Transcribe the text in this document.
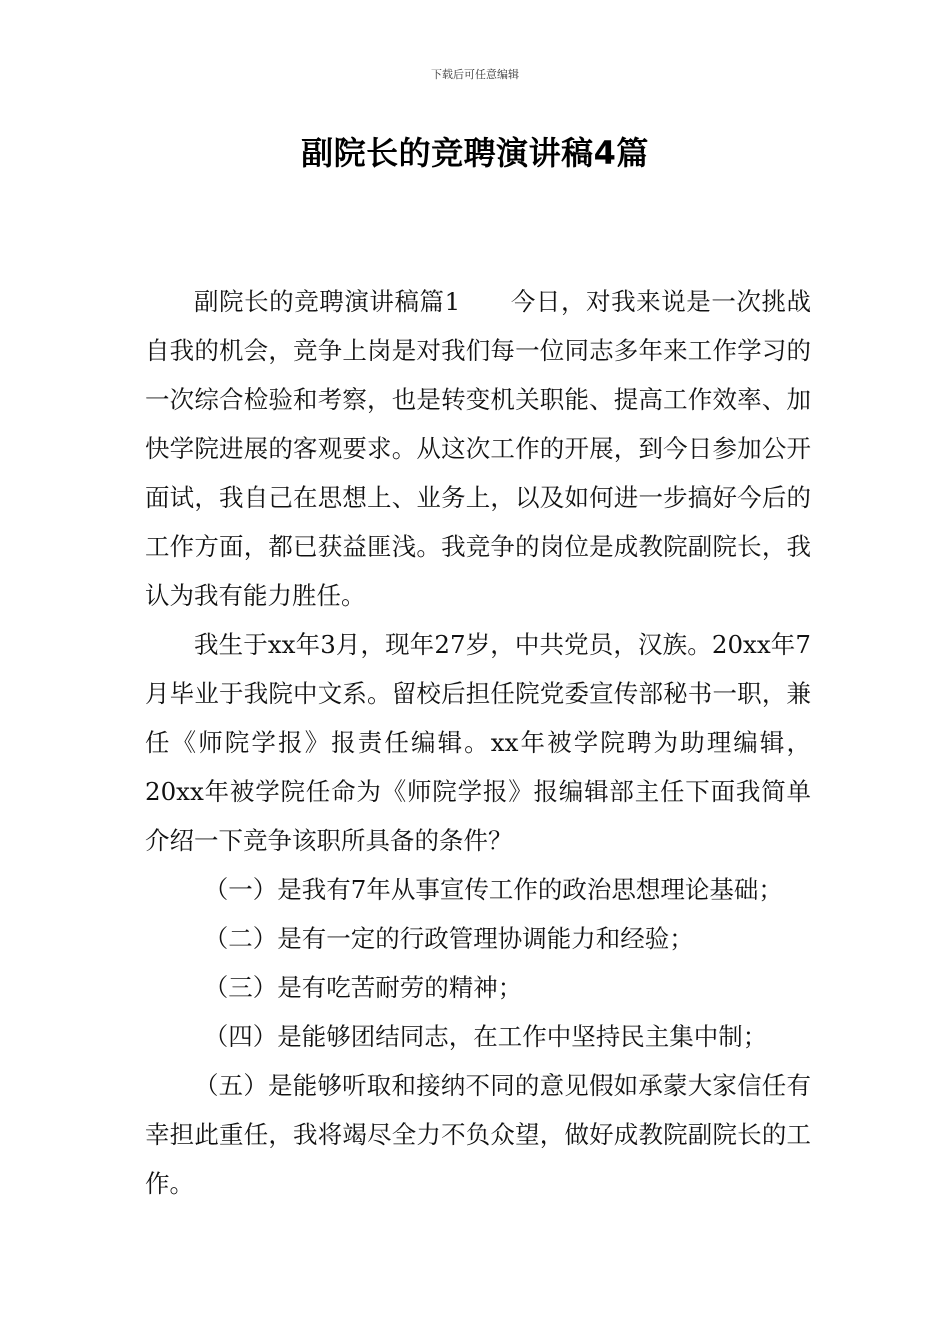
下载后可任意编辑
副院长的竞聘演讲稿4篇

副院长的竞聘演讲稿篇1　　今日，对我来说是一次挑战自我的机会，竞争上岗是对我们每一位同志多年来工作学习的一次综合检验和考察，也是转变机关职能、提高工作效率、加快学院进展的客观要求。从这次工作的开展，到今日参加公开面试，我自己在思想上、业务上，以及如何进一步搞好今后的工作方面，都已获益匪浅。我竞争的岗位是成教院副院长，我认为我有能力胜任。

我生于xx年3月，现年27岁，中共党员，汉族。20xx年7月毕业于我院中文系。留校后担任院党委宣传部秘书一职，兼任《师院学报》报责任编辑。xx年被学院聘为助理编辑，20xx年被学院任命为《师院学报》报编辑部主任下面我简单介绍一下竞争该职所具备的条件？

（一）是我有7年从事宣传工作的政治思想理论基础；

（二）是有一定的行政管理协调能力和经验；

（三）是有吃苦耐劳的精神；

（四）是能够团结同志，在工作中坚持民主集中制；

（五）是能够听取和接纳不同的意见假如承蒙大家信任有幸担此重任，我将竭尽全力不负众望，做好成教院副院长的工作。
